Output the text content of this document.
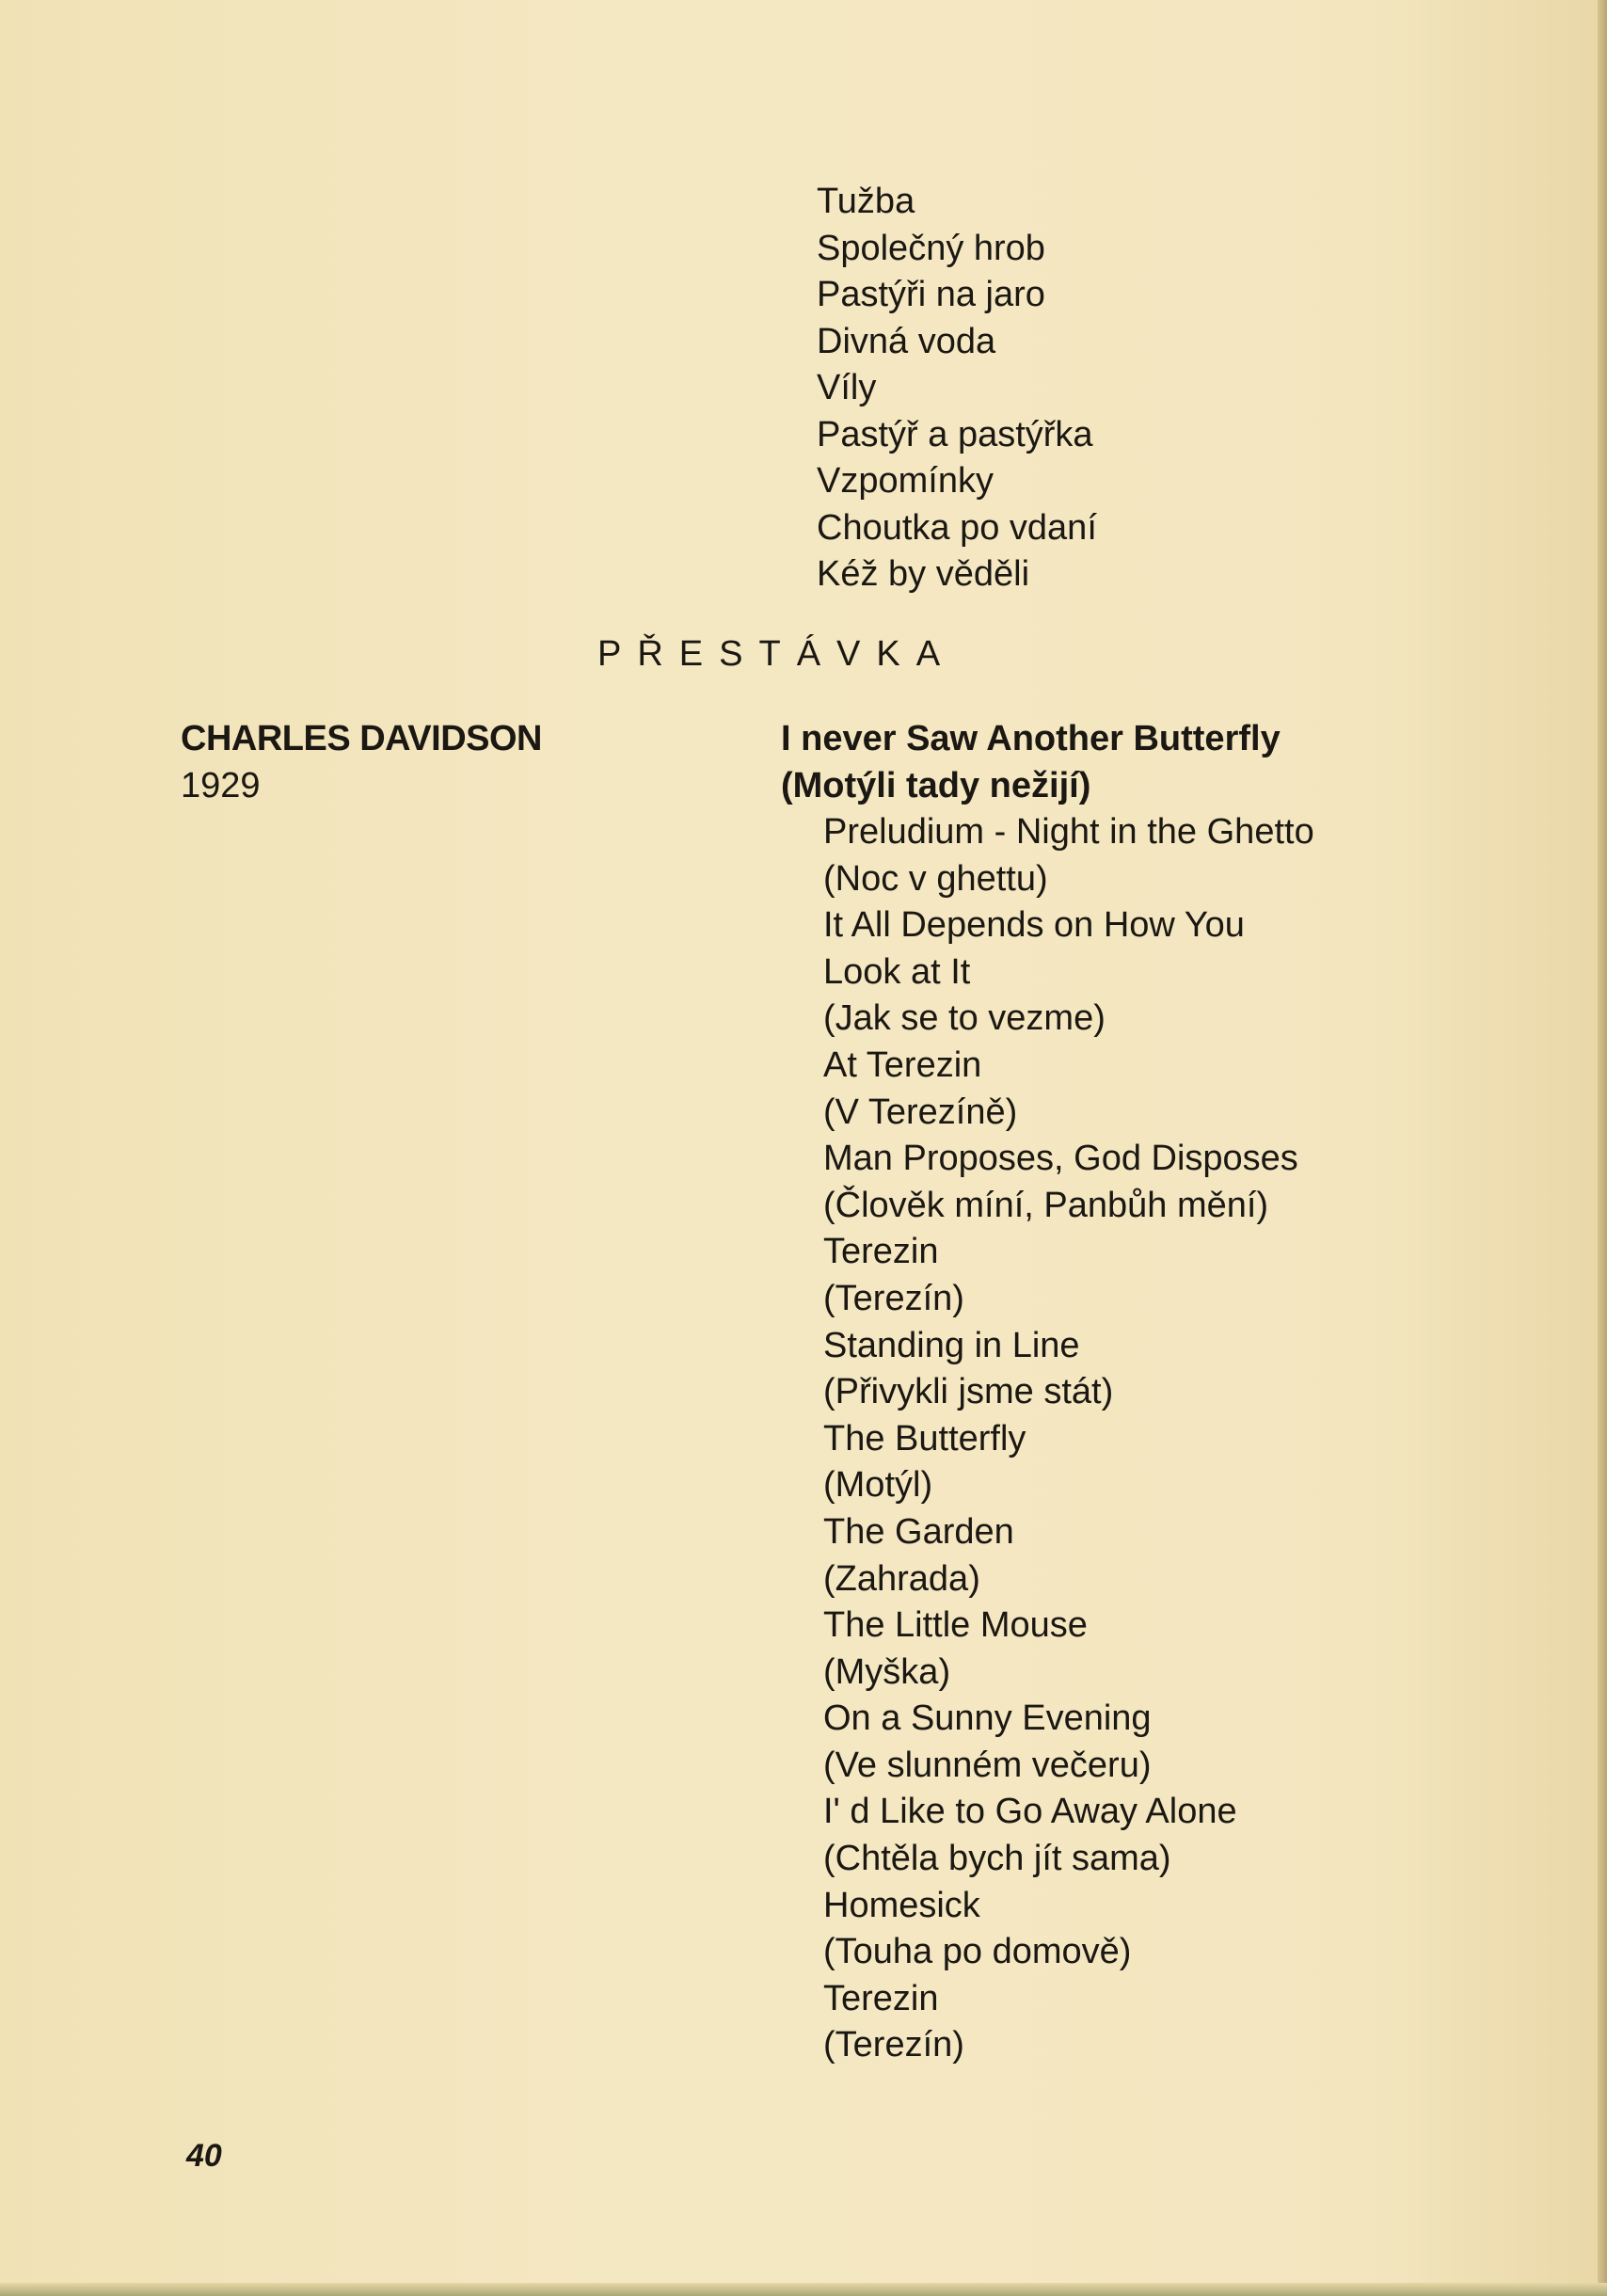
Tužba
Společný hrob
Pastýři na jaro
Divná voda
Víly
Pastýř a pastýřka
Vzpomínky
Choutka po vdaní
Kéž by věděli
PŘESTÁVKA
CHARLES DAVIDSON
1929
I never Saw Another Butterfly
(Motýli tady nežijí)
Preludium - Night in the Ghetto
(Noc v ghettu)
It All Depends on How You
Look at It
(Jak se to vezme)
At Terezin
(V Terezíně)
Man Proposes, God Disposes
(Člověk míní, Panbůh mění)
Terezin
(Terezín)
Standing in Line
(Přivykli jsme stát)
The Butterfly
(Motýl)
The Garden
(Zahrada)
The Little Mouse
(Myška)
On a Sunny Evening
(Ve slunném večeru)
I' d Like to Go Away Alone
(Chtěla bych jít sama)
Homesick
(Touha po domově)
Terezin
(Terezín)
40
